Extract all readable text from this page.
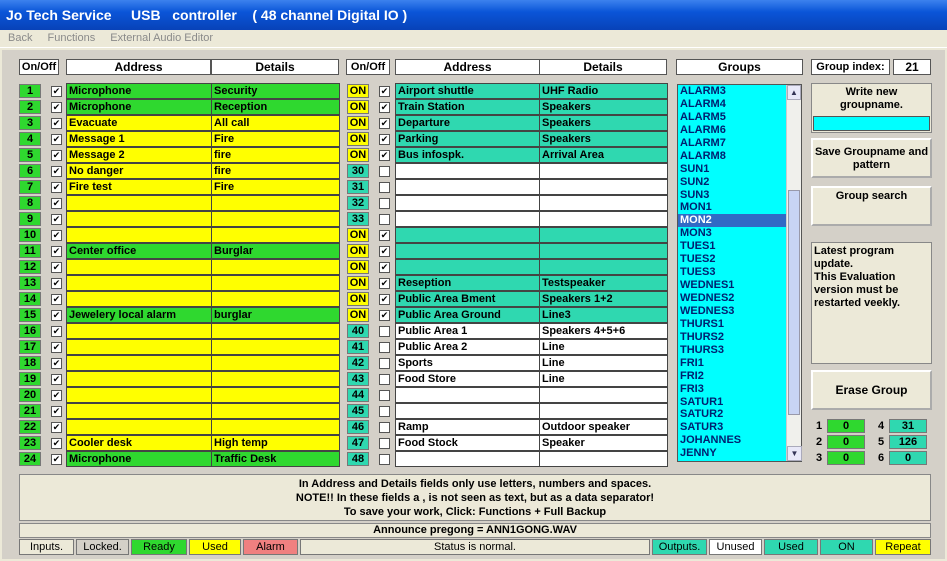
Jo Tech Service     USB   controller    ( 48 channel Digital IO )
Back Functions External Audio Editor
On/Off	Address	Details	On/Off	Address	Details	Groups	Group index:	21
1	✔ Microphone	Security
2	✔ Microphone	Reception
3	✔ Evacuate	All call
4	✔ Message 1	Fire
5	✔ Message 2	fire
6	✔ No danger	fire
7	✔ Fire test	Fire
8	✔
9	✔
10	✔
11	✔ Center office	Burglar
12	✔
13	✔
14	✔
15	✔ Jewelery local alarm	burglar
16	✔
17	✔
18	✔
19	✔
20	✔
21	✔
22	✔
23	✔ Cooler desk	High temp
24	✔ Microphone	Traffic Desk
ON	✔ Airport shuttle	UHF Radio
ON	✔ Train Station	Speakers
ON	✔ Departure	Speakers
ON	✔ Parking	Speakers
ON	✔ Bus infospk.	Arrival Area
30
31
32
33
ON	✔
ON	✔
ON	✔
ON	✔ Reseption	Testspeaker
ON	✔ Public Area Bment	Speakers 1+2
ON	✔ Public Area Ground	Line3
40	Public Area 1	Speakers 4+5+6
41	Public Area 2	Line
42	Sports	Line
43	Food Store	Line
44
45
46	Ramp	Outdoor speaker
47	Food Stock	Speaker
48
ALARM3
ALARM4
ALARM5
ALARM6
ALARM7
ALARM8
SUN1
SUN2
SUN3
MON1
MON2
MON3
TUES1
TUES2
TUES3
WEDNES1
WEDNES2
WEDNES3
THURS1
THURS2
THURS3
FRI1
FRI2
FRI3
SATUR1
SATUR2
SATUR3
JOHANNES
JENNY
▲
▼
Write new groupname.
Save Groupname and pattern
Group search
Latest program update.
This Evaluation version must be restarted veekly.
Erase Group
1	0
2	0
3	0
4	31
5	126
6	0
In Address and Details fields only use letters, numbers and spaces.
NOTE!! In these fields a , is not seen as text, but as a data separator!
To save your work, Click: Functions + Full Backup
Announce pregong = ANN1GONG.WAV
Inputs.	Locked.	Ready	Used	Alarm	Status is normal.	Outputs.	Unused	Used	ON	Repeat
